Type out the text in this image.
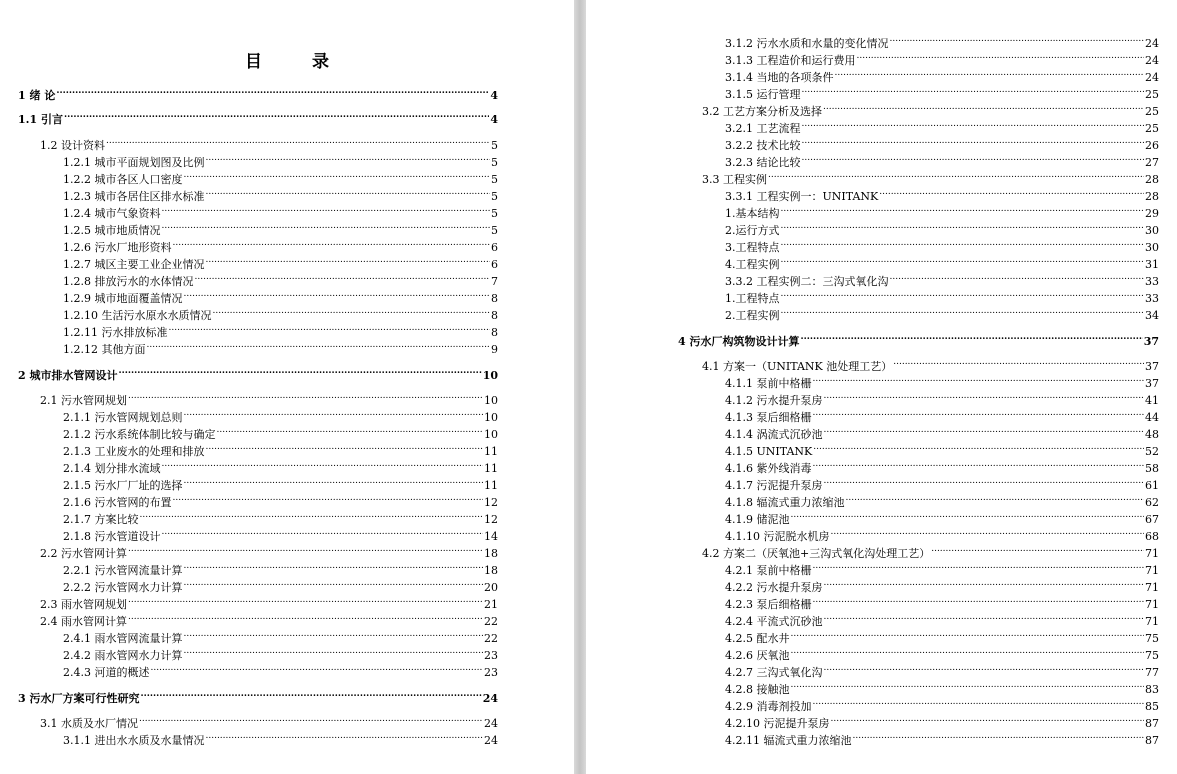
目 录
1 绪 论 .....	4
1.1 引言 .....	4
1.2 设计资料 .....	5
1.2.1 城市平面规划图及比例 .....	5
1.2.2 城市各区人口密度 .....	5
1.2.3 城市各居住区排水标准 .....	5
1.2.4 城市气象资料 .....	5
1.2.5 城市地质情况 .....	5
1.2.6 污水厂地形资料 .....	6
1.2.7 城区主要工业企业情况 .....	6
1.2.8 排放污水的水体情况 .....	7
1.2.9 城市地面覆盖情况 .....	8
1.2.10 生活污水原水水质情况 .....	8
1.2.11 污水排放标准 .....	8
1.2.12 其他方面 .....	9
2 城市排水管网设计 .....	10
2.1 污水管网规划 .....	10
2.1.1 污水管网规划总则 .....	10
2.1.2 污水系统体制比较与确定 .....	10
2.1.3 工业废水的处理和排放 .....	11
2.1.4 划分排水流域 .....	11
2.1.5 污水厂厂址的选择 .....	11
2.1.6 污水管网的布置 .....	12
2.1.7 方案比较 .....	12
2.1.8 污水管道设计 .....	14
2.2 污水管网计算 .....	18
2.2.1 污水管网流量计算 .....	18
2.2.2 污水管网水力计算 .....	20
2.3 雨水管网规划 .....	21
2.4 雨水管网计算 .....	22
2.4.1 雨水管网流量计算 .....	22
2.4.2 雨水管网水力计算 .....	23
2.4.3 河道的概述 .....	23
3 污水厂方案可行性研究 .....	24
3.1 水质及水厂情况 .....	24
3.1.1 进出水水质及水量情况 .....	24
3.1.2 污水水质和水量的变化情况 .....	24
3.1.3 工程造价和运行费用 .....	24
3.1.4 当地的各项条件 .....	24
3.1.5 运行管理 .....	25
3.2 工艺方案分析及选择 .....	25
3.2.1 工艺流程 .....	25
3.2.2 技术比较 .....	26
3.2.3 结论比较 .....	27
3.3 工程实例 .....	28
3.3.1 工程实例一：UNITANK .....	28
1.基本结构 .....	29
2.运行方式 .....	30
3.工程特点 .....	30
4.工程实例 .....	31
3.3.2 工程实例二：三沟式氧化沟 .....	33
1.工程特点 .....	33
2.工程实例 .....	34
4 污水厂构筑物设计计算 .....	37
4.1 方案一（UNITANK 池处理工艺） .....	37
4.1.1 泵前中格栅 .....	37
4.1.2 污水提升泵房 .....	41
4.1.3 泵后细格栅 .....	44
4.1.4 涡流式沉砂池 .....	48
4.1.5 UNITANK .....	52
4.1.6 紫外线消毒 .....	58
4.1.7 污泥提升泵房 .....	61
4.1.8 辐流式重力浓缩池 .....	62
4.1.9 储泥池 .....	67
4.1.10 污泥脱水机房 .....	68
4.2 方案二（厌氧池+三沟式氧化沟处理工艺） .....	71
4.2.1 泵前中格栅 .....	71
4.2.2 污水提升泵房 .....	71
4.2.3 泵后细格栅 .....	71
4.2.4 平流式沉砂池 .....	71
4.2.5 配水井 .....	75
4.2.6 厌氧池 .....	75
4.2.7 三沟式氧化沟 .....	77
4.2.8 接触池 .....	83
4.2.9 消毒剂投加 .....	85
4.2.10 污泥提升泵房 .....	87
4.2.11 辐流式重力浓缩池 .....	87
